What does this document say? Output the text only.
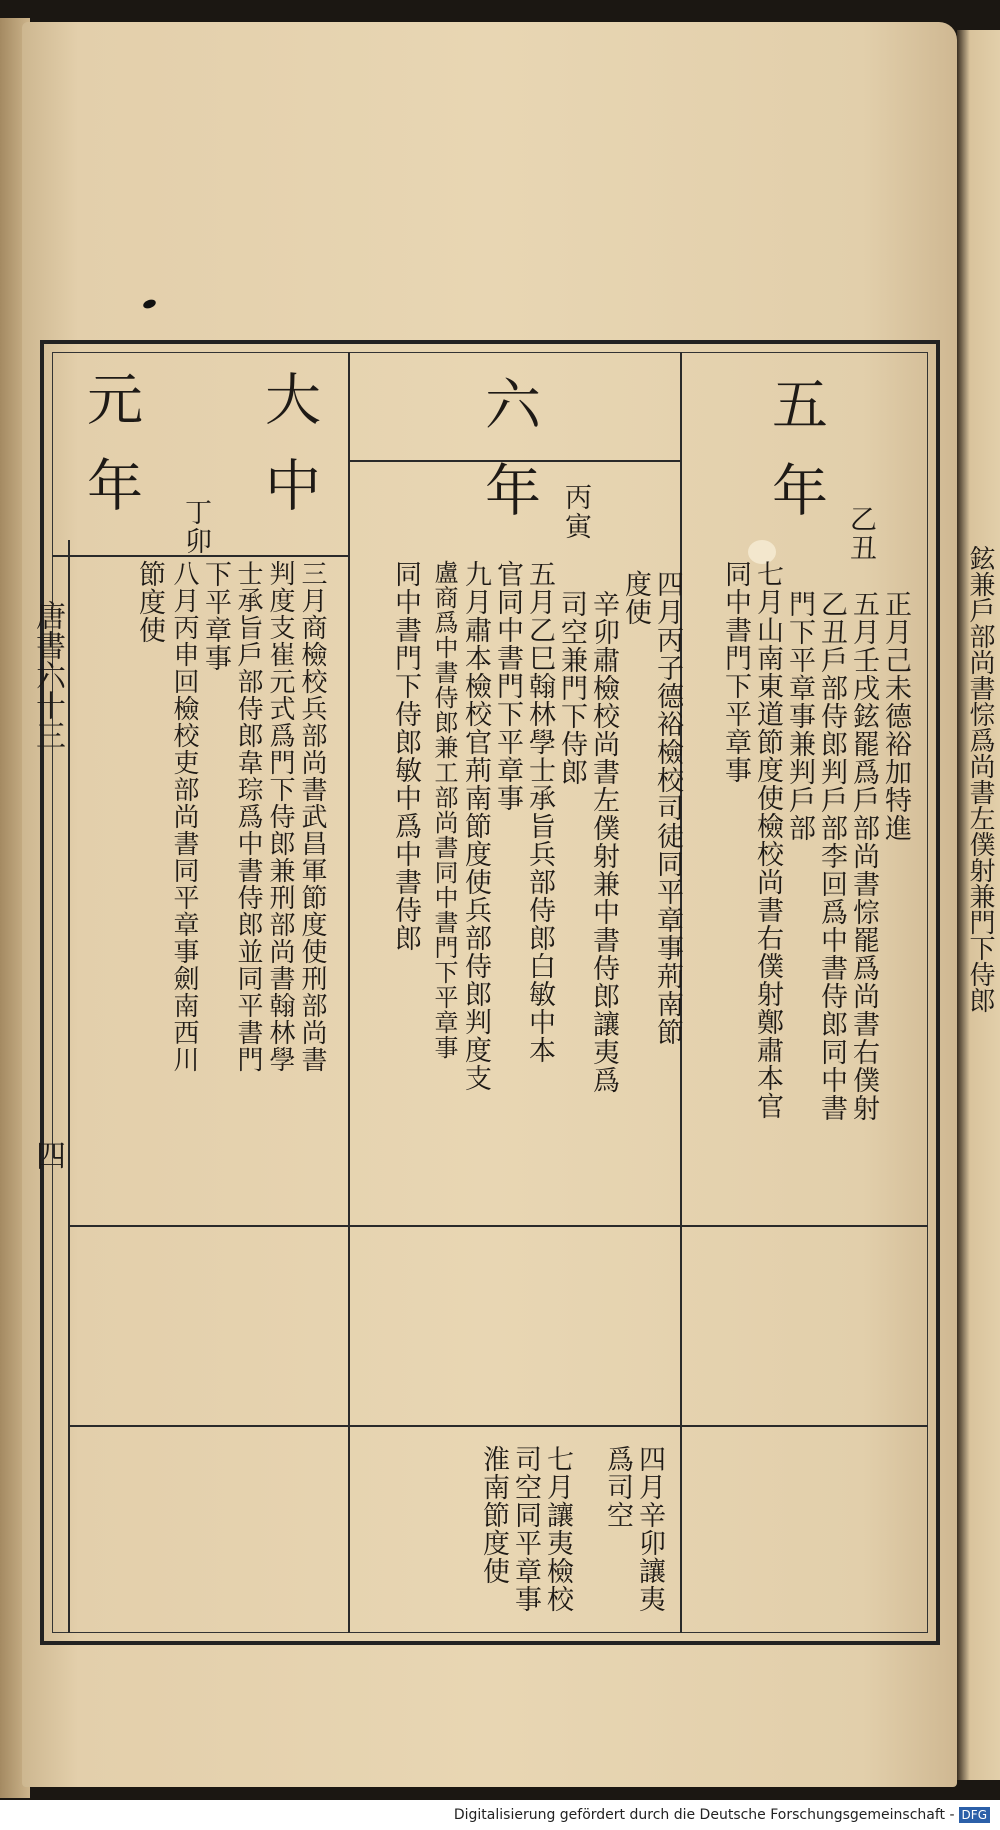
鉉兼戶部尚書悰爲尚書左僕射兼門下侍郎
五年 乙丑
正月己未德裕加特進
五月壬戌鉉罷爲戶部尚書悰罷爲尚書右僕射
乙丑戶部侍郎判戶部李回爲中書侍郎同中書
門下平章事兼判戶部
七月山南東道節度使檢校尚書右僕射鄭肅本官
同中書門下平章事
六年 丙寅
四月丙子德裕檢校司徒同平章事荊南節
度使
辛卯肅檢校尚書左僕射兼中書侍郎讓夷爲
司空兼門下侍郎
五月乙巳翰林學士承旨兵部侍郎白敏中本
官同中書門下平章事
九月肅本檢校官荊南節度使兵部侍郎判度支
盧商爲中書侍郎兼工部尚書同中書門下平章事
同中書門下侍郎敏中爲中書侍郎
大中
元年 丁卯
三月商檢校兵部尚書武昌軍節度使刑部尚書
判度支崔元式爲門下侍郎兼刑部尚書翰林學
士承旨戶部侍郎韋琮爲中書侍郎並同平書門
下平章事
八月丙申回檢校吏部尚書同平章事劍南西川
節度使
四月辛卯讓夷
爲司空
七月讓夷檢校
司空同平章事
淮南節度使
唐書六十三
四
Digitalisierung gefördert durch die Deutsche Forschungsgemeinschaft - DFG
